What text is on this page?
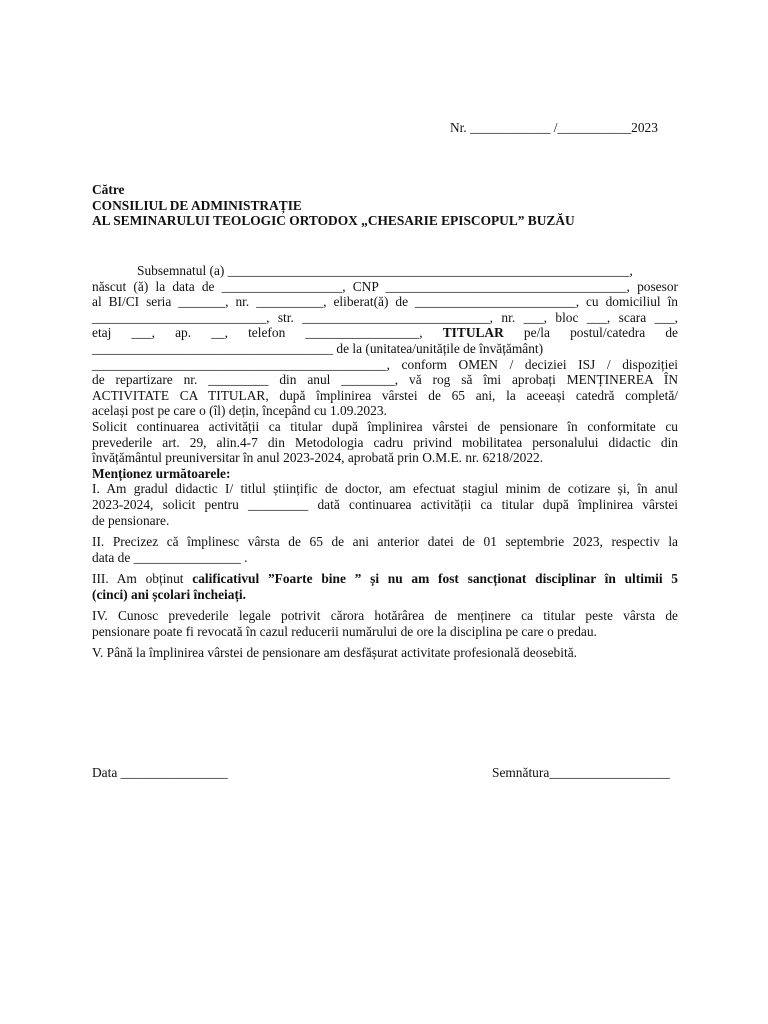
Nr. ____________ /___________2023
Către
CONSILIUL DE ADMINISTRAȚIE
AL SEMINARULUI TEOLOGIC ORTODOX „CHESARIE EPISCOPUL” BUZĂU
Subsemnatul (a) ____________________________________________________________,
născut (ă) la data de __________________, CNP ____________________________________, posesor
al BI/CI seria _______, nr. __________, eliberat(ă) de ________________________, cu domiciliul în
__________________________, str. ____________________________, nr. ___, bloc ___, scara ___,
etaj ___, ap. __, telefon _________________, TITULAR pe/la postul/catedra de
____________________________________ de la (unitatea/unitățile de învățământ)
____________________________________________, conform OMEN / deciziei ISJ / dispoziției
de repartizare nr. _________ din anul ________, vă rog să îmi aprobați MENȚINEREA ÎN
ACTIVITATE CA TITULAR, după împlinirea vârstei de 65 ani, la aceeași catedră completă/
același post pe care o (îl) dețin, începând cu 1.09.2023.
Solicit continuarea activității ca titular după împlinirea vârstei de pensionare în conformitate cu
prevederile art. 29, alin.4-7 din Metodologia cadru privind mobilitatea personalului didactic din
învățământul preuniversitar în anul 2023-2024, aprobată prin O.M.E. nr. 6218/2022.
Menționez următoarele:
I. Am gradul didactic I/ titlul științific de doctor, am efectuat stagiul minim de cotizare și, în anul
2023-2024, solicit pentru _________ dată continuarea activității ca titular după împlinirea vârstei
de pensionare.
II. Precizez că împlinesc vârsta de 65 de ani anterior datei de 01 septembrie 2023, respectiv la
data de ________________ .
III. Am obținut calificativul ”Foarte bine ” și nu am fost sancționat disciplinar în ultimii 5
(cinci) ani școlari încheiați.
IV. Cunosc prevederile legale potrivit cărora hotărârea de menținere ca titular peste vârsta de
pensionare poate fi revocată în cazul reducerii numărului de ore la disciplina pe care o predau.
V. Până la împlinirea vârstei de pensionare am desfășurat activitate profesională deosebită.
Data ________________	Semnătura__________________
